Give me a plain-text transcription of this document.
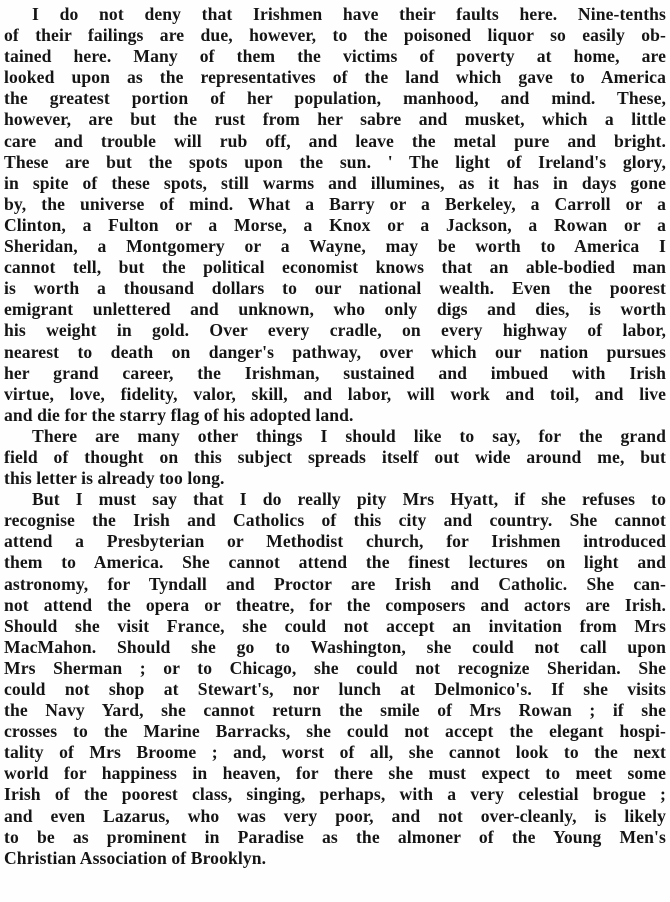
I do not deny that Irishmen have their faults here. Nine-tenths
of their failings are due, however, to the poisoned liquor so easily ob-
tained here. Many of them the victims of poverty at home, are
looked upon as the representatives of the land which gave to America
the greatest portion of her population, manhood, and mind. These,
however, are but the rust from her sabre and musket, which a little
care and trouble will rub off, and leave the metal pure and bright.
These are but the spots upon the sun. ' The light of Ireland's glory,
in spite of these spots, still warms and illumines, as it has in days gone
by, the universe of mind. What a Barry or a Berkeley, a Carroll or a
Clinton, a Fulton or a Morse, a Knox or a Jackson, a Rowan or a
Sheridan, a Montgomery or a Wayne, may be worth to America I
cannot tell, but the political economist knows that an able-bodied man
is worth a thousand dollars to our national wealth. Even the poorest
emigrant unlettered and unknown, who only digs and dies, is worth
his weight in gold. Over every cradle, on every highway of labor,
nearest to death on danger's pathway, over which our nation pursues
her grand career, the Irishman, sustained and imbued with Irish
virtue, love, fidelity, valor, skill, and labor, will work and toil, and live
and die for the starry flag of his adopted land.
There are many other things I should like to say, for the grand
field of thought on this subject spreads itself out wide around me, but
this letter is already too long.
But I must say that I do really pity Mrs Hyatt, if she refuses to
recognise the Irish and Catholics of this city and country. She cannot
attend a Presbyterian or Methodist church, for Irishmen introduced
them to America. She cannot attend the finest lectures on light and
astronomy, for Tyndall and Proctor are Irish and Catholic. She can-
not attend the opera or theatre, for the composers and actors are Irish.
Should she visit France, she could not accept an invitation from Mrs
MacMahon. Should she go to Washington, she could not call upon
Mrs Sherman ; or to Chicago, she could not recognize Sheridan. She
could not shop at Stewart's, nor lunch at Delmonico's. If she visits
the Navy Yard, she cannot return the smile of Mrs Rowan ; if she
crosses to the Marine Barracks, she could not accept the elegant hospi-
tality of Mrs Broome ; and, worst of all, she cannot look to the next
world for happiness in heaven, for there she must expect to meet some
Irish of the poorest class, singing, perhaps, with a very celestial brogue ;
and even Lazarus, who was very poor, and not over-cleanly, is likely
to be as prominent in Paradise as the almoner of the Young Men's
Christian Association of Brooklyn.
